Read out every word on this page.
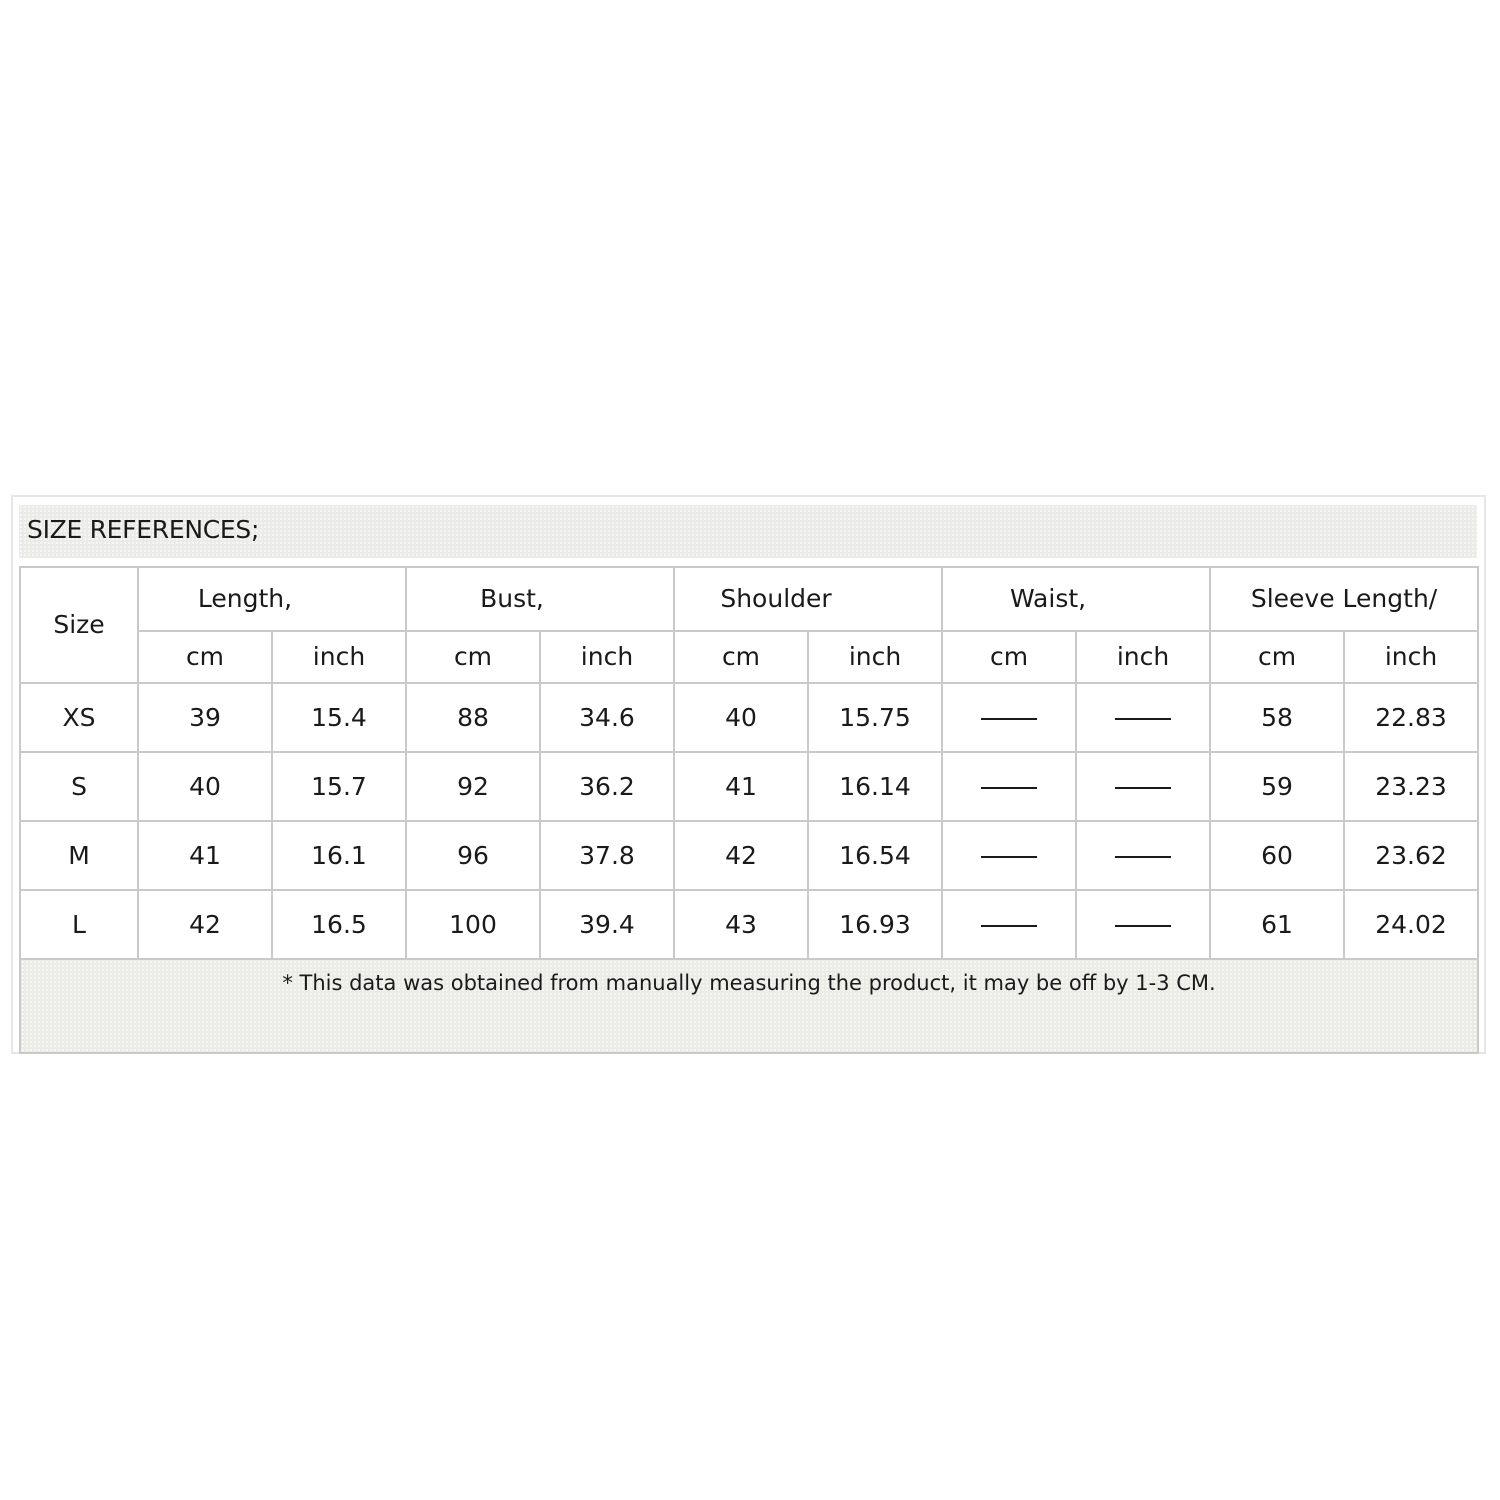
SIZE REFERENCES;
Size	Length,		Bust,		Shoulder		Waist,		Sleeve Length/	
	cm	inch	cm	inch	cm	inch	cm	inch	cm	inch
XS	39	15.4	88	34.6	40	15.75			58	22.83
S	40	15.7	92	36.2	41	16.14			59	23.23
M	41	16.1	96	37.8	42	16.54			60	23.62
L	42	16.5	100	39.4	43	16.93			61	24.02
* This data was obtained from manually measuring the product, it may be off by 1-3 CM.										
